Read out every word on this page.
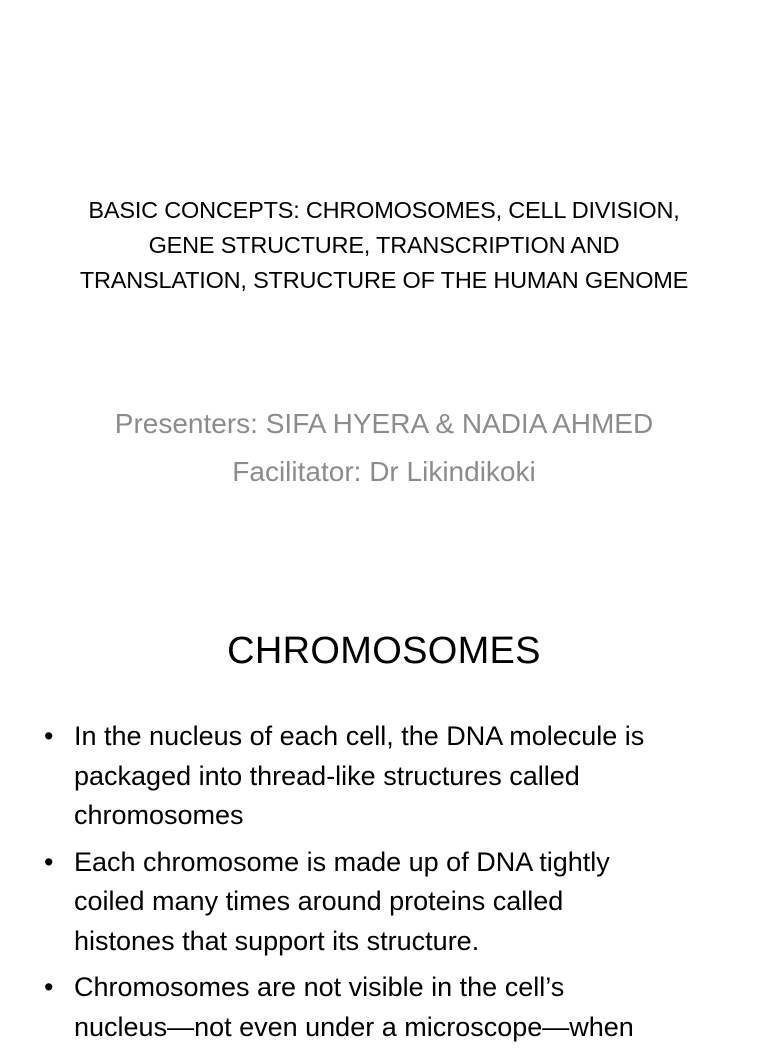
BASIC CONCEPTS: CHROMOSOMES, CELL DIVISION,
GENE STRUCTURE, TRANSCRIPTION AND
TRANSLATION, STRUCTURE OF THE HUMAN GENOME
Presenters: SIFA HYERA & NADIA AHMED
Facilitator: Dr Likindikoki
CHROMOSOMES
• In the nucleus of each cell, the DNA molecule is
packaged into thread-like structures called
chromosomes
• Each chromosome is made up of DNA tightly
coiled many times around proteins called
histones that support its structure.
• Chromosomes are not visible in the cell’s
nucleus—not even under a microscope—when
